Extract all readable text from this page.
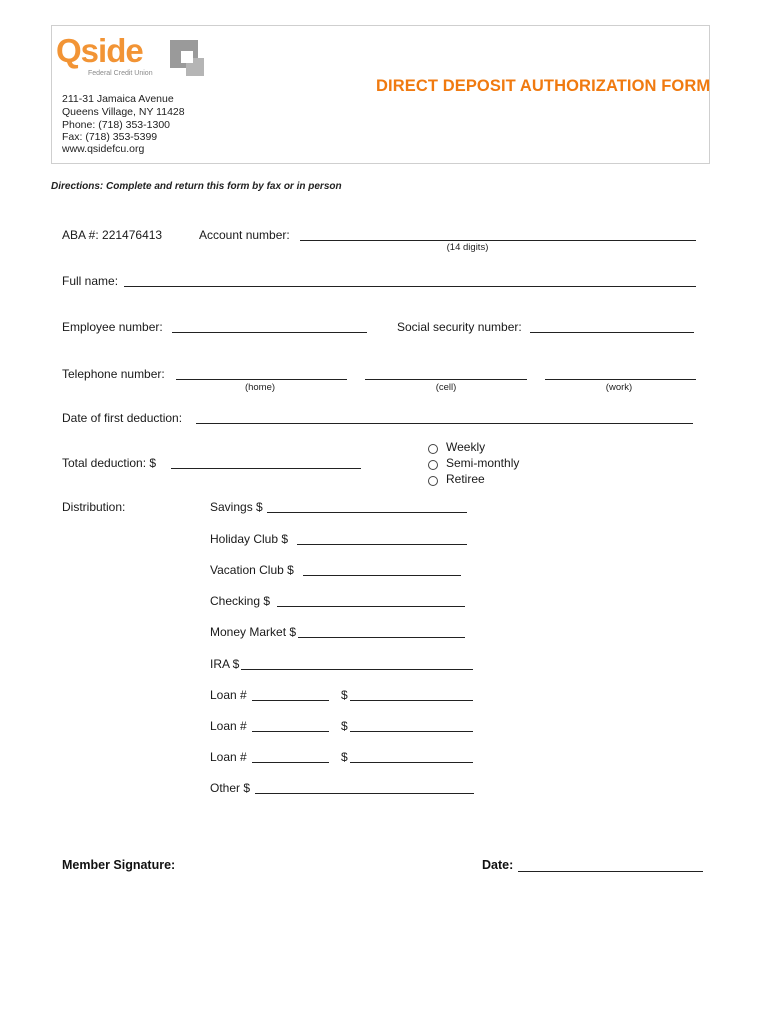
Qside
Federal Credit Union
211-31 Jamaica Avenue
Queens Village, NY 11428
Phone: (718) 353-1300
Fax: (718) 353-5399
www.qsidefcu.org
DIRECT DEPOSIT AUTHORIZATION FORM
Directions: Complete and return this form by fax or in person
ABA #: 221476413	Account number:
(14 digits)
Full name:
Employee number:	Social security number:
Telephone number:
(home)	(cell)	(work)
Date of first deduction:
Weekly
Semi-monthly
Retiree
Total deduction: $
Distribution:	Savings $
Holiday Club $
Vacation Club $
Checking $
Money Market $
IRA $
Loan #	$
Loan #	$
Loan #	$
Other $
Member Signature:	Date:
